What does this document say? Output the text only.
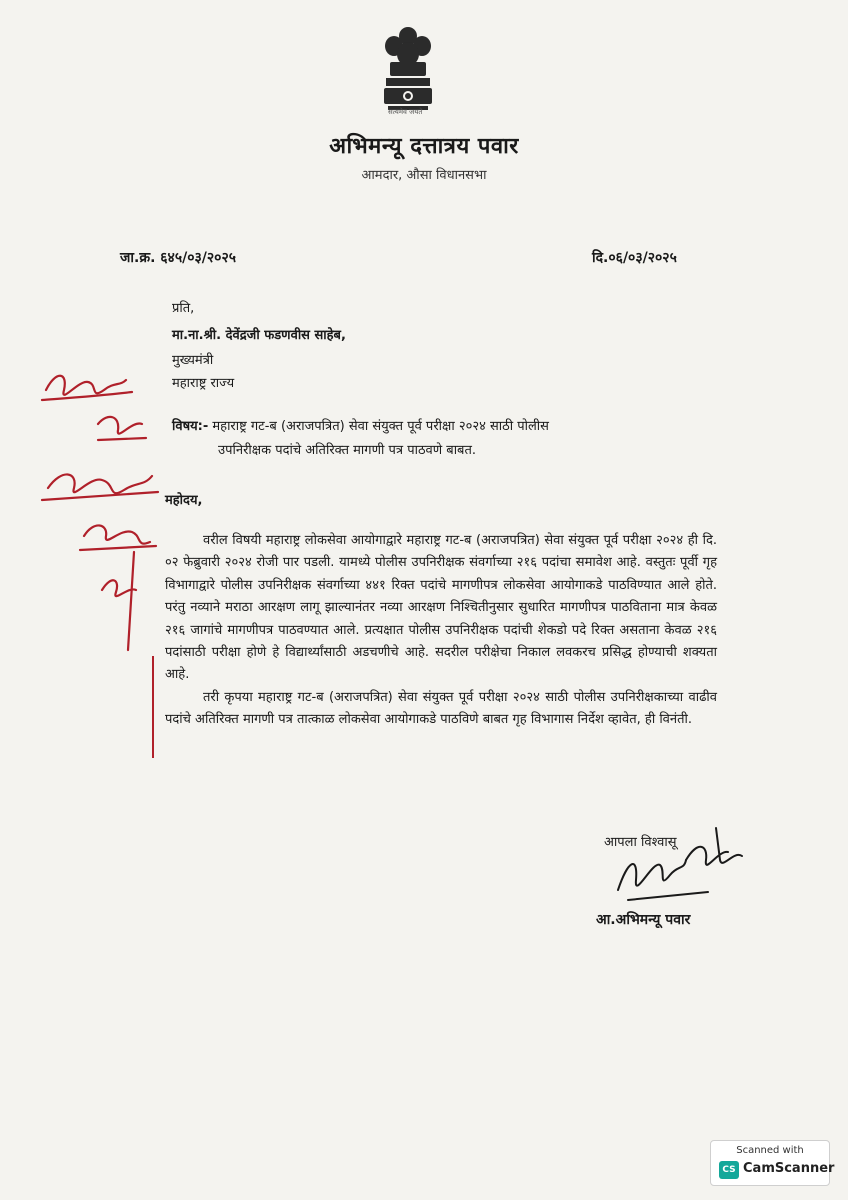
सत्यमेव जयते
अभिमन्यू दत्तात्रय पवार
आमदार, औसा विधानसभा
जा.क्र. ६४५/०३/२०२५	दि.०६/०३/२०२५
प्रति,
मा.ना.श्री. देवेंद्रजी फडणवीस साहेब,
मुख्यमंत्री
महाराष्ट्र राज्य
विषय:- महाराष्ट्र गट-ब (अराजपत्रित) सेवा संयुक्त पूर्व परीक्षा २०२४ साठी पोलीस
उपनिरीक्षक पदांचे अतिरिक्त मागणी पत्र पाठवणे बाबत.
महोदय,

वरील विषयी महाराष्ट्र लोकसेवा आयोगाद्वारे महाराष्ट्र गट-ब (अराजपत्रित) सेवा संयुक्त पूर्व परीक्षा २०२४ ही दि. ०२ फेब्रुवारी २०२४ रोजी पार पडली. यामध्ये पोलीस उपनिरीक्षक संवर्गाच्या २१६ पदांचा समावेश आहे. वस्तुतः पूर्वी गृह विभागाद्वारे पोलीस उपनिरीक्षक संवर्गाच्या ४४१ रिक्त पदांचे मागणीपत्र लोकसेवा आयोगाकडे पाठविण्यात आले होते. परंतु नव्याने मराठा आरक्षण लागू झाल्यानंतर नव्या आरक्षण निश्चितीनुसार सुधारित मागणीपत्र पाठविताना मात्र केवळ २१६ जागांचे मागणीपत्र पाठवण्यात आले. प्रत्यक्षात पोलीस उपनिरीक्षक पदांची शेकडो पदे रिक्त असताना केवळ २१६ पदांसाठी परीक्षा होणे हे विद्यार्थ्यांसाठी अडचणीचे आहे. सदरील परीक्षेचा निकाल लवकरच प्रसिद्ध होण्याची शक्यता आहे.

तरी कृपया महाराष्ट्र गट-ब (अराजपत्रित) सेवा संयुक्त पूर्व परीक्षा २०२४ साठी पोलीस उपनिरीक्षकाच्या वाढीव पदांचे अतिरिक्त मागणी पत्र तात्काळ लोकसेवा आयोगाकडे पाठविणे बाबत गृह विभागास निर्देश व्हावेत, ही विनंती.

आपला विश्वासू
आ.अभिमन्यू पवार
Scanned with
CS CamScanner
